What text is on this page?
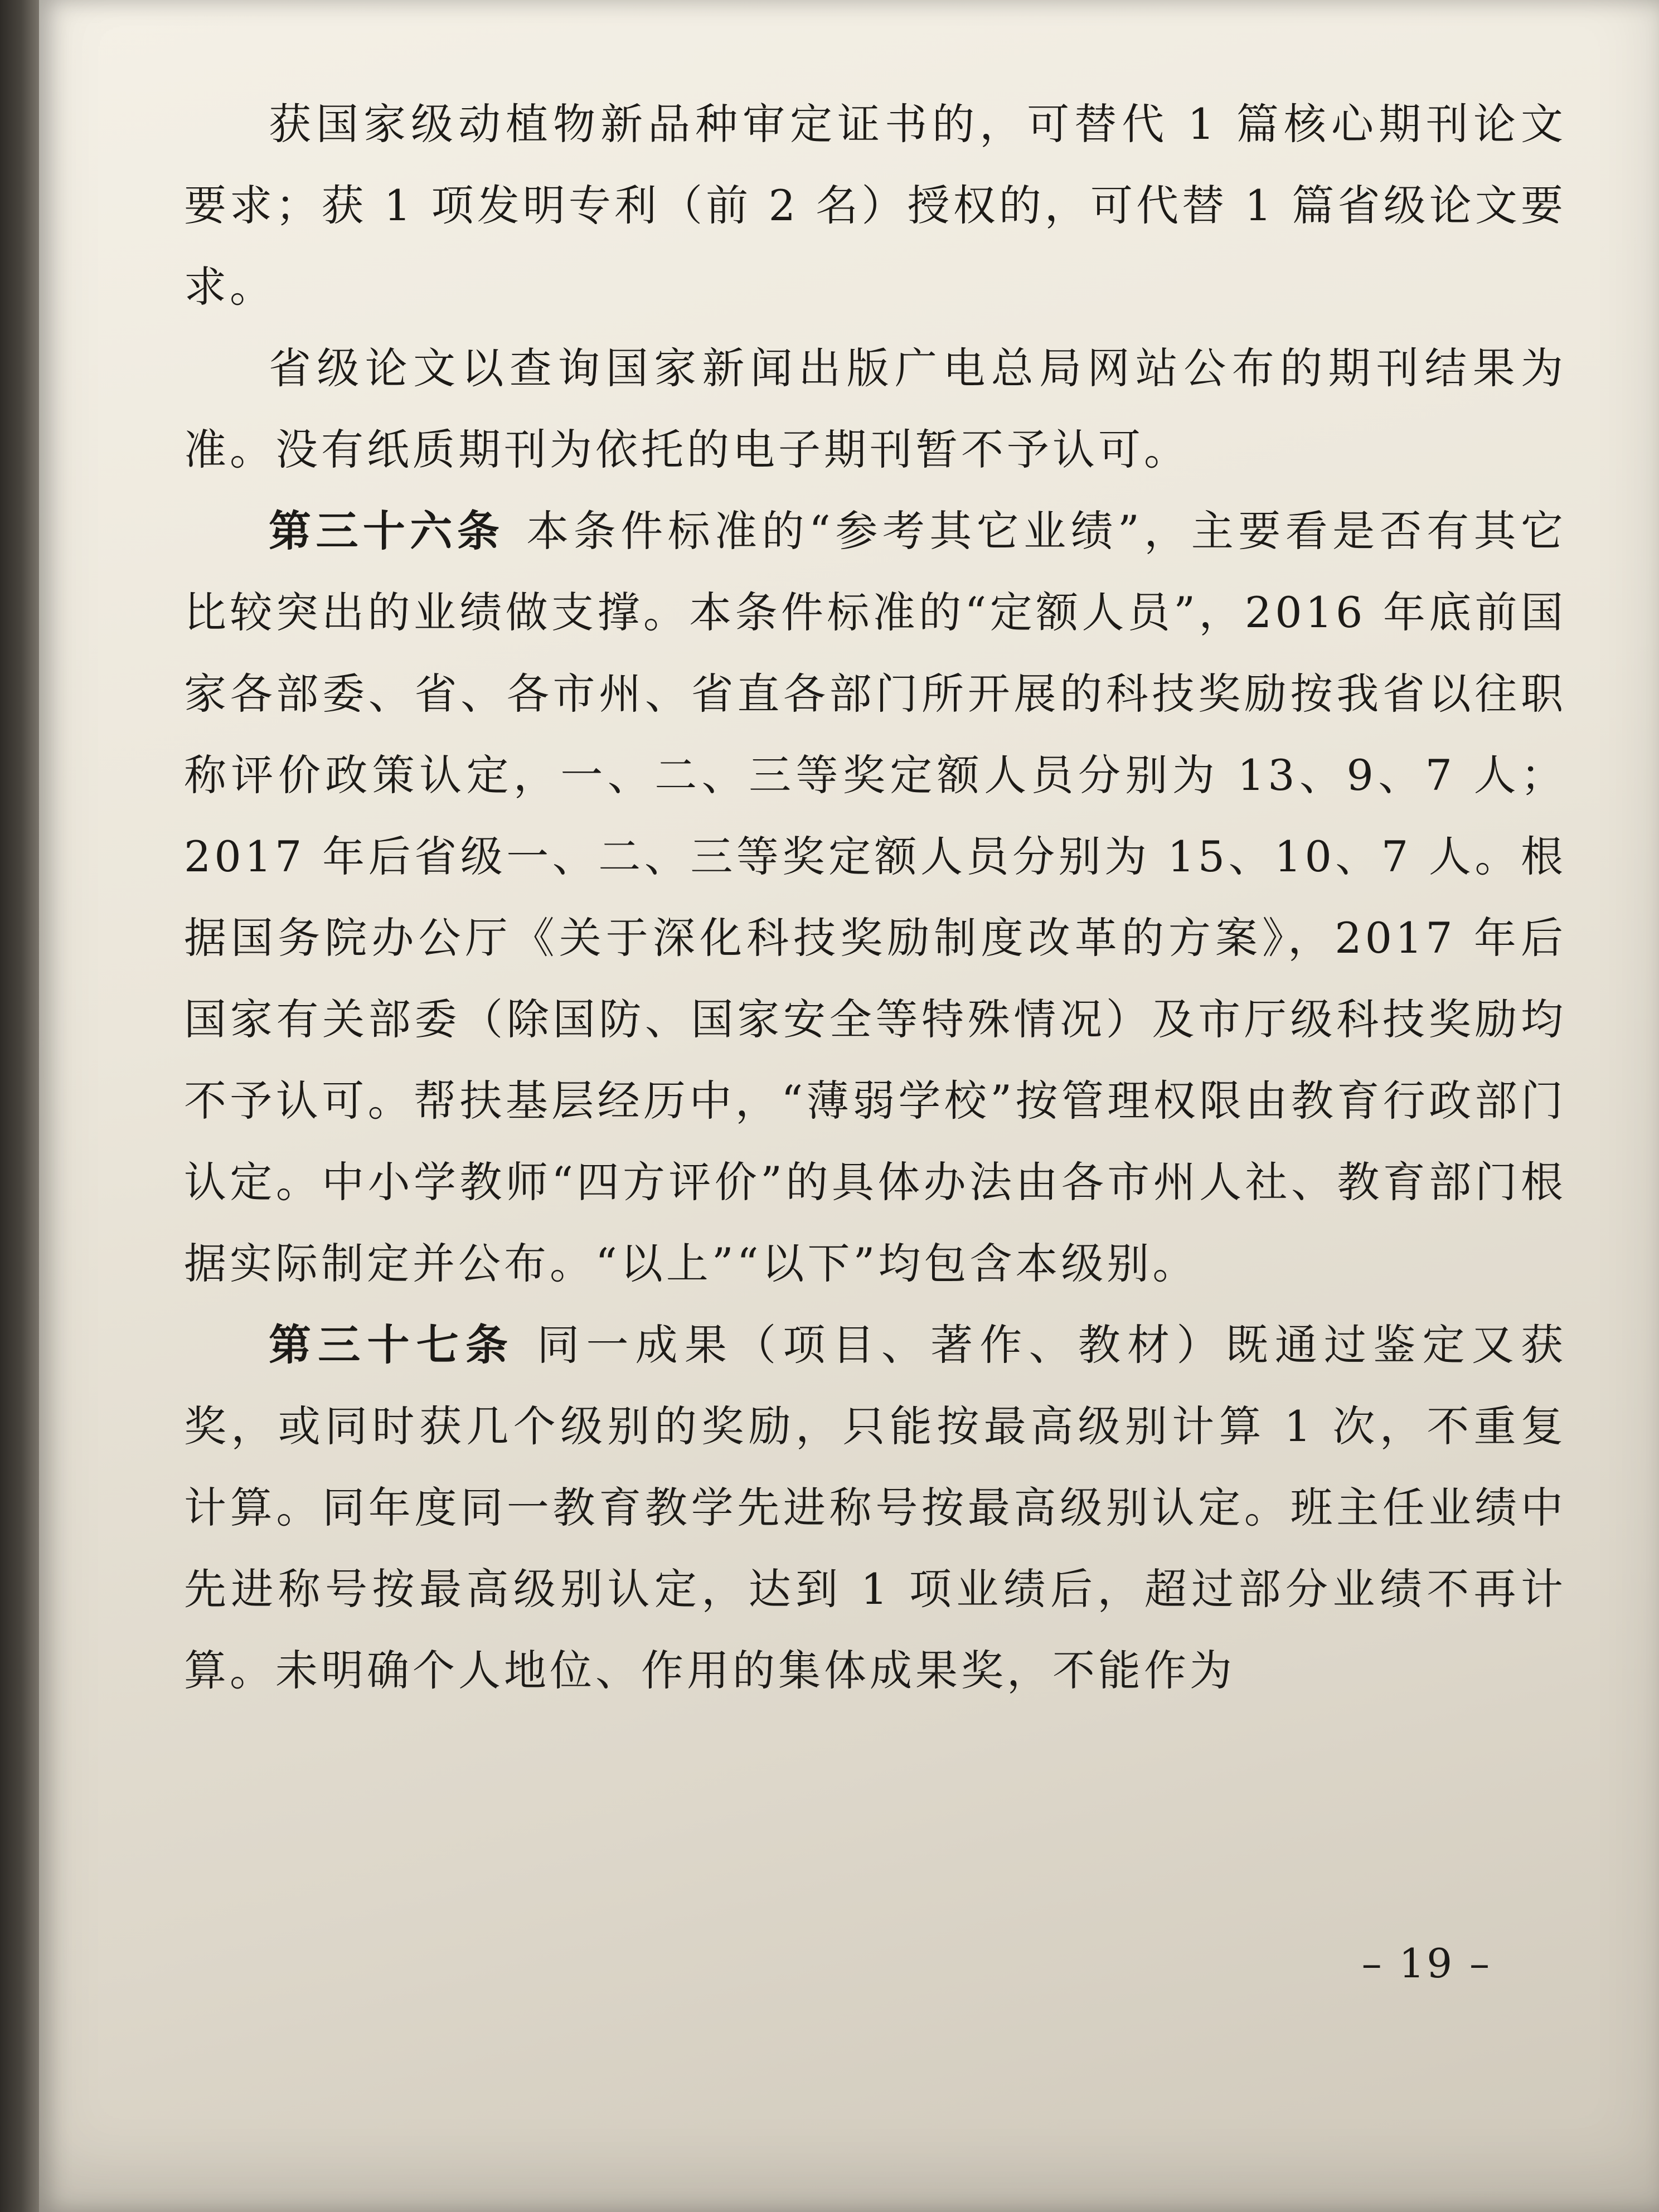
获国家级动植物新品种审定证书的，可替代 1 篇核心期刊论文要求；获 1 项发明专利（前 2 名）授权的，可代替 1 篇省级论文要求。

省级论文以查询国家新闻出版广电总局网站公布的期刊结果为准。没有纸质期刊为依托的电子期刊暂不予认可。

第三十六条 本条件标准的“参考其它业绩”，主要看是否有其它比较突出的业绩做支撑。本条件标准的“定额人员”，2016 年底前国家各部委、省、各市州、省直各部门所开展的科技奖励按我省以往职称评价政策认定，一、二、三等奖定额人员分别为 13、9、7 人；2017 年后省级一、二、三等奖定额人员分别为 15、10、7 人。根据国务院办公厅《关于深化科技奖励制度改革的方案》，2017 年后国家有关部委（除国防、国家安全等特殊情况）及市厅级科技奖励均不予认可。帮扶基层经历中，“薄弱学校”按管理权限由教育行政部门认定。中小学教师“四方评价”的具体办法由各市州人社、教育部门根据实际制定并公布。“以上”“以下”均包含本级别。

第三十七条 同一成果（项目、著作、教材）既通过鉴定又获奖，或同时获几个级别的奖励，只能按最高级别计算 1 次，不重复计算。同年度同一教育教学先进称号按最高级别认定。班主任业绩中先进称号按最高级别认定，达到 1 项业绩后，超过部分业绩不再计算。未明确个人地位、作用的集体成果奖，不能作为

– 19 –
